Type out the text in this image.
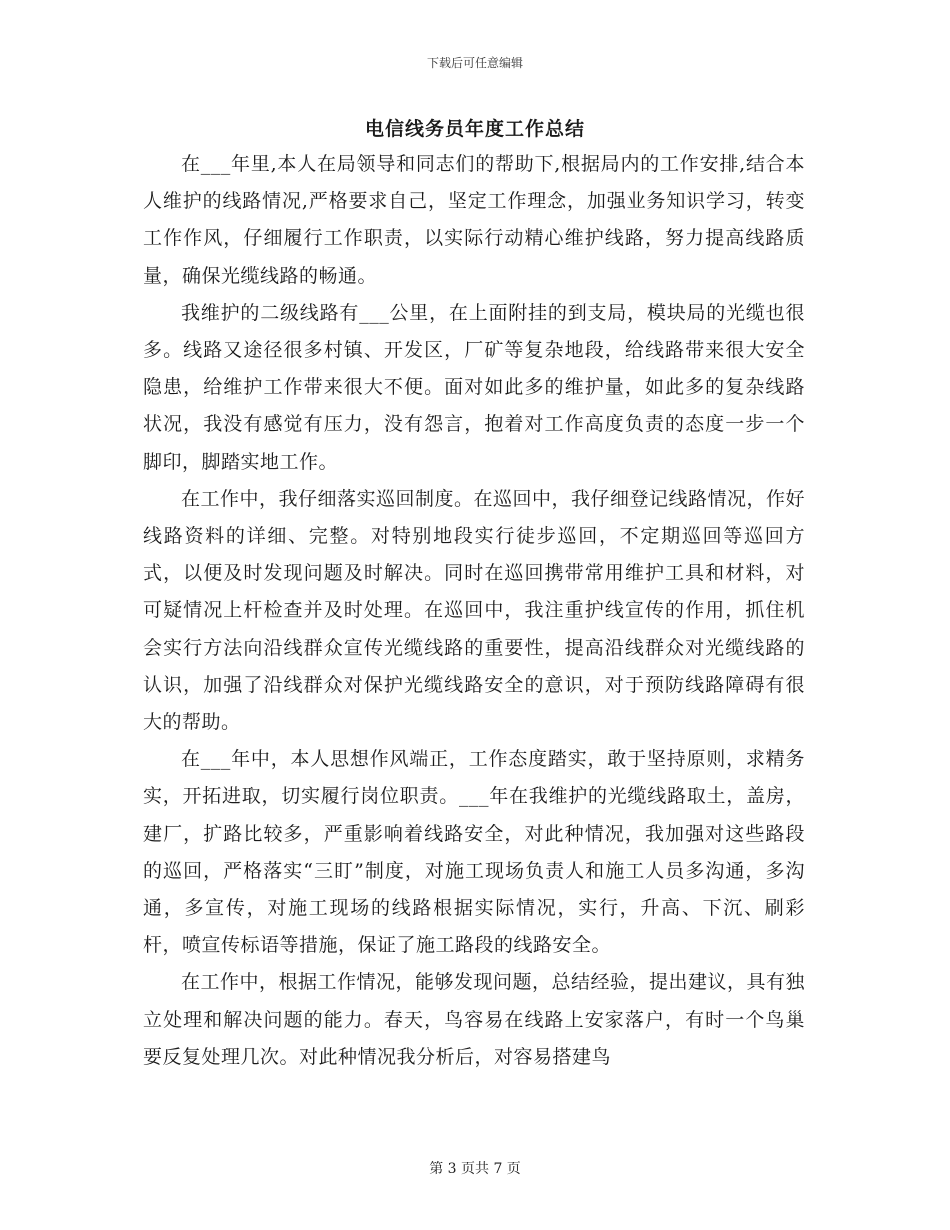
下载后可任意编辑
电信线务员年度工作总结

在___年里,本人在局领导和同志们的帮助下,根据局内的工作安排,结合本人维护的线路情况,严格要求自己，坚定工作理念，加强业务知识学习，转变工作作风，仔细履行工作职责，以实际行动精心维护线路，努力提高线路质量，确保光缆线路的畅通。

我维护的二级线路有___公里，在上面附挂的到支局，模块局的光缆也很多。线路又途径很多村镇、开发区，厂矿等复杂地段，给线路带来很大安全隐患，给维护工作带来很大不便。面对如此多的维护量，如此多的复杂线路状况，我没有感觉有压力，没有怨言，抱着对工作高度负责的态度一步一个脚印，脚踏实地工作。

在工作中，我仔细落实巡回制度。在巡回中，我仔细登记线路情况，作好线路资料的详细、完整。对特别地段实行徒步巡回，不定期巡回等巡回方式，以便及时发现问题及时解决。同时在巡回携带常用维护工具和材料，对可疑情况上杆检查并及时处理。在巡回中，我注重护线宣传的作用，抓住机会实行方法向沿线群众宣传光缆线路的重要性，提高沿线群众对光缆线路的认识，加强了沿线群众对保护光缆线路安全的意识，对于预防线路障碍有很大的帮助。

在___年中，本人思想作风端正，工作态度踏实，敢于坚持原则，求精务实，开拓进取，切实履行岗位职责。___年在我维护的光缆线路取土，盖房，建厂，扩路比较多，严重影响着线路安全，对此种情况，我加强对这些路段的巡回，严格落实“三盯”制度，对施工现场负责人和施工人员多沟通，多沟通，多宣传，对施工现场的线路根据实际情况，实行，升高、下沉、刷彩杆，喷宣传标语等措施，保证了施工路段的线路安全。

在工作中，根据工作情况，能够发现问题，总结经验，提出建议，具有独立处理和解决问题的能力。春天，鸟容易在线路上安家落户，有时一个鸟巢要反复处理几次。对此种情况我分析后，对容易搭建鸟

第 3 页共 7 页
